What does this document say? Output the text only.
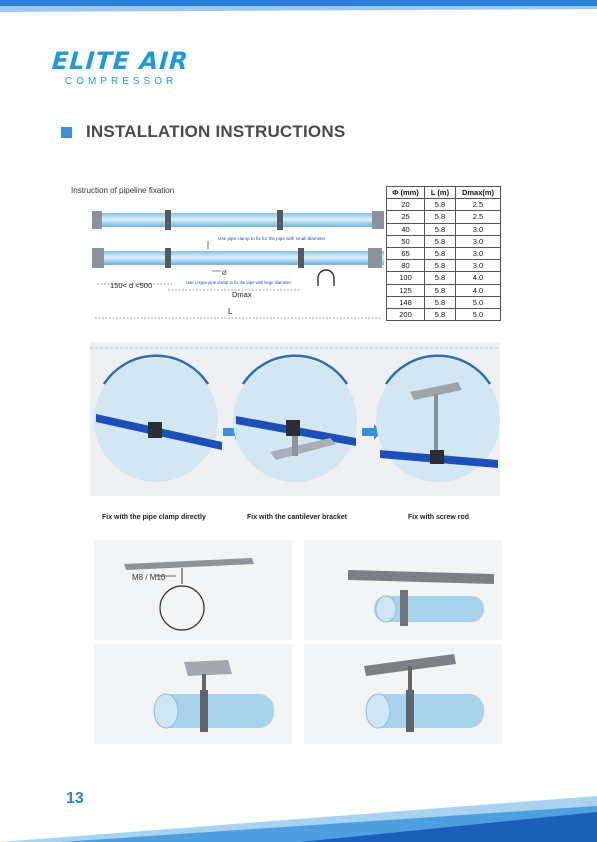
ELITE AIR
COMPRESSOR
INSTALLATION INSTRUCTIONS
Instruction of pipeline fixation
Use pipe clamp to fix for the pipe with small diameter
Ø
Use U-type pipe clamp to fix the pipe with large diameter
150< d <500
Dmax
L
Φ (mm)	L (m)	Dmax(m)
20	5.8	2.5
25	5.8	2.5
40	5.8	3.0
50	5.8	3.0
65	5.8	3.0
80	5.8	3.0
100	5.8	4.0
125	5.8	4.0
148	5.8	5.0
200	5.8	5.0
Fix with the pipe clamp directly	Fix with the cantilever bracket	Fix with screw rod
M8 / M10
13
